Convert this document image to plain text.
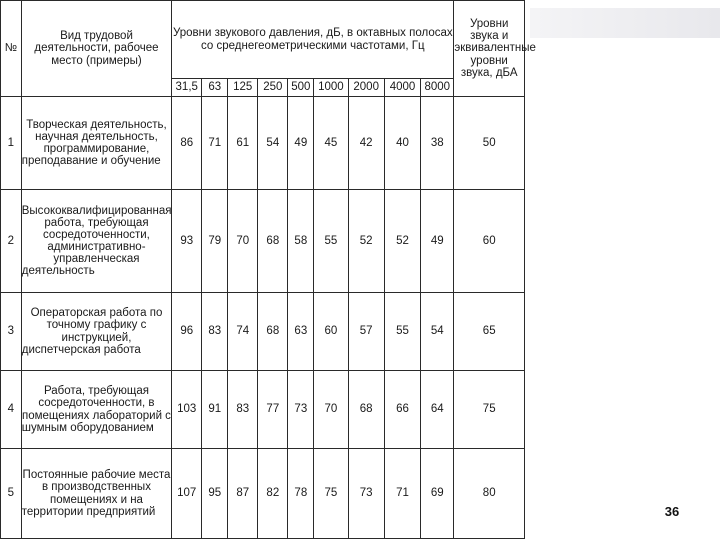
№	Вид трудовой деятельности, рабочее место (примеры)	Уровни звукового давления, дБ, в октавных полосах со среднегеометрическими частотами, Гц									Уровни звука и эквивалентные уровни звука, дБА
		31,5	63	125	250	500	1000	2000	4000	8000	
1	Творческая деятельность, научная деятельность, программирование, преподавание и обучение	86	71	61	54	49	45	42	40	38	50
2	Высококвалифицированная работа, требующая сосредоточенности, административно-управленческая деятельность	93	79	70	68	58	55	52	52	49	60
3	Операторская работа по точному графику с инструкцией, диспетчерская работа	96	83	74	68	63	60	57	55	54	65
4	Работа, требующая сосредоточенности, в помещениях лабораторий с шумным оборудованием	103	91	83	77	73	70	68	66	64	75
5	Постоянные рабочие места в производственных помещениях и на территории предприятий	107	95	87	82	78	75	73	71	69	80
36
